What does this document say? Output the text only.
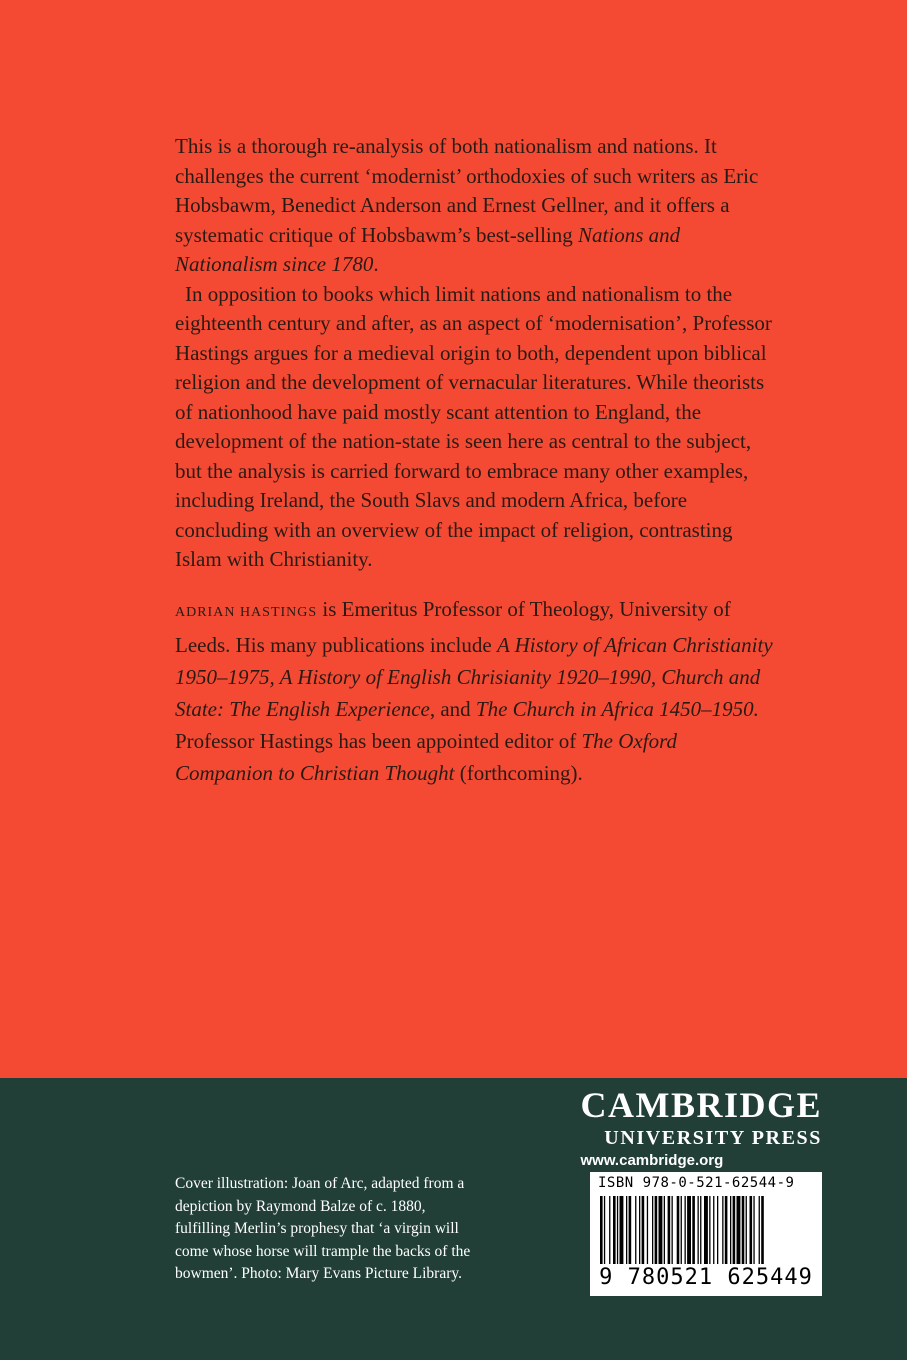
This is a thorough re-analysis of both nationalism and nations. It challenges the current ‘modernist’ orthodoxies of such writers as Eric Hobsbawm, Benedict Anderson and Ernest Gellner, and it offers a systematic critique of Hobsbawm’s best-selling Nations and Nationalism since 1780.

In opposition to books which limit nations and nationalism to the eighteenth century and after, as an aspect of ‘modernisation’, Professor Hastings argues for a medieval origin to both, dependent upon biblical religion and the development of vernacular literatures. While theorists of nationhood have paid mostly scant attention to England, the development of the nation-state is seen here as central to the subject, but the analysis is carried forward to embrace many other examples, including Ireland, the South Slavs and modern Africa, before concluding with an overview of the impact of religion, contrasting Islam with Christianity.

ADRIAN HASTINGS is Emeritus Professor of Theology, University of Leeds. His many publications include A History of African Christianity 1950–1975, A History of English Chrisianity 1920–1990, Church and State: The English Experience, and The Church in Africa 1450–1950. Professor Hastings has been appointed editor of The Oxford Companion to Christian Thought (forthcoming).

CAMBRIDGE
UNIVERSITY PRESS
www.cambridge.org
Cover illustration: Joan of Arc, adapted from a depiction by Raymond Balze of c. 1880, fulfilling Merlin’s prophesy that ‘a virgin will come whose horse will trample the backs of the bowmen’. Photo: Mary Evans Picture Library.
ISBN 978-0-521-62544-9
9 780521 625449
